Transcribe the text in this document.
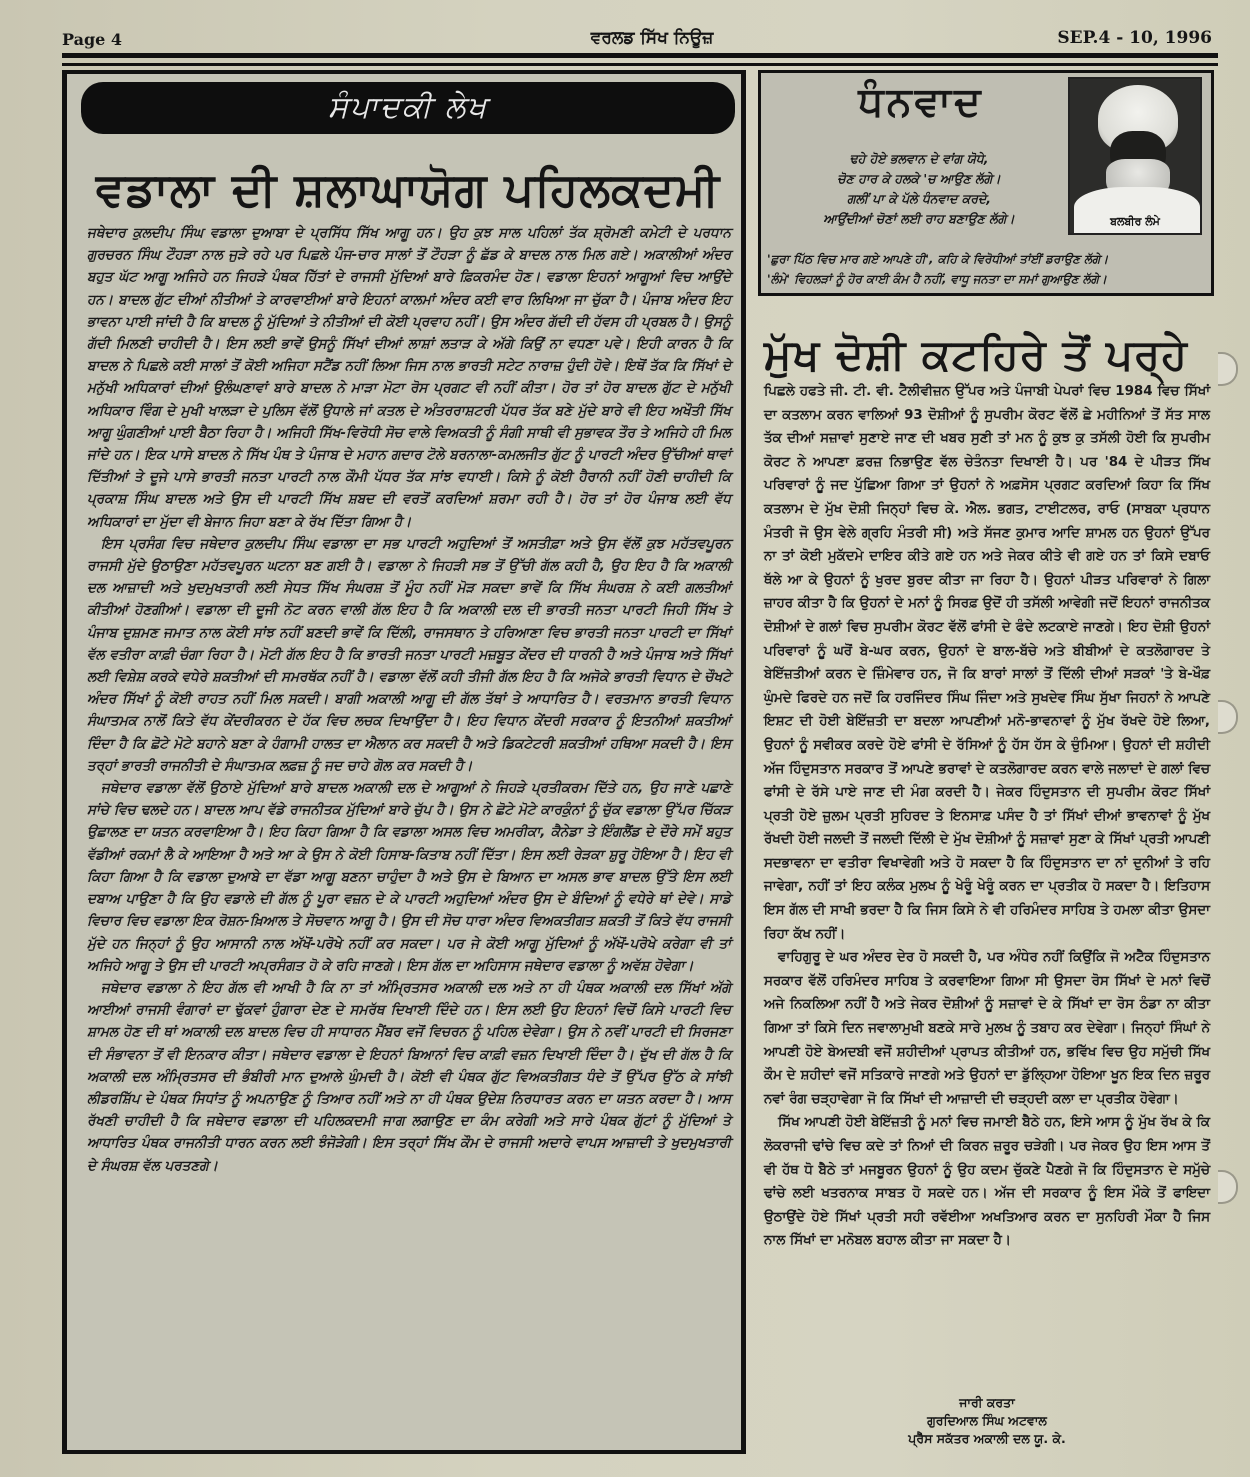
Page 4	ਵਰਲਡ ਸਿੱਖ ਨਿਊਜ਼	SEP.4 - 10, 1996
ਸੰਪਾਦਕੀ ਲੇਖ
ਵਡਾਲਾ ਦੀ ਸ਼ਲਾਘਾਯੋਗ ਪਹਿਲਕਦਮੀ

ਜਥੇਦਾਰ ਕੁਲਦੀਪ ਸਿੰਘ ਵਡਾਲਾ ਦੁਆਬਾ ਦੇ ਪ੍ਰਸਿੱਧ ਸਿੱਖ ਆਗੂ ਹਨ। ਉਹ ਕੁਝ ਸਾਲ ਪਹਿਲਾਂ ਤੱਕ ਸ਼੍ਰੋਮਣੀ ਕਮੇਟੀ ਦੇ ਪਰਧਾਨ ਗੁਰਚਰਨ ਸਿੰਘ ਟੌਹੜਾ ਨਾਲ ਜੁੜੇ ਰਹੇ ਪਰ ਪਿਛਲੇ ਪੰਜ-ਚਾਰ ਸਾਲਾਂ ਤੋਂ ਟੌਹੜਾ ਨੂੰ ਛੱਡ ਕੇ ਬਾਦਲ ਨਾਲ ਮਿਲ ਗਏ। ਅਕਾਲੀਆਂ ਅੰਦਰ ਬਹੁਤ ਘੱਟ ਆਗੂ ਅਜਿਹੇ ਹਨ ਜਿਹੜੇ ਪੰਥਕ ਹਿੱਤਾਂ ਦੇ ਰਾਜਸੀ ਮੁੱਦਿਆਂ ਬਾਰੇ ਫ਼ਿਕਰਮੰਦ ਹੋਣ। ਵਡਾਲਾ ਇਹਨਾਂ ਆਗੂਆਂ ਵਿਚ ਆਉਂਦੇ ਹਨ। ਬਾਦਲ ਗੁੱਟ ਦੀਆਂ ਨੀਤੀਆਂ ਤੇ ਕਾਰਵਾਈਆਂ ਬਾਰੇ ਇਹਨਾਂ ਕਾਲਮਾਂ ਅੰਦਰ ਕਈ ਵਾਰ ਲਿਖਿਆ ਜਾ ਚੁੱਕਾ ਹੈ। ਪੰਜਾਬ ਅੰਦਰ ਇਹ ਭਾਵਨਾ ਪਾਈ ਜਾਂਦੀ ਹੈ ਕਿ ਬਾਦਲ ਨੂੰ ਮੁੱਦਿਆਂ ਤੇ ਨੀਤੀਆਂ ਦੀ ਕੋਈ ਪ੍ਰਵਾਹ ਨਹੀਂ। ਉਸ ਅੰਦਰ ਗੱਦੀ ਦੀ ਹੱਵਸ ਹੀ ਪ੍ਰਬਲ ਹੈ। ਉਸਨੂੰ ਗੱਦੀ ਮਿਲਣੀ ਚਾਹੀਦੀ ਹੈ। ਇਸ ਲਈ ਭਾਵੇਂ ਉਸਨੂੰ ਸਿੱਖਾਂ ਦੀਆਂ ਲਾਸ਼ਾਂ ਲਤਾੜ ਕੇ ਅੱਗੇ ਕਿਉਂ ਨਾ ਵਧਣਾ ਪਵੇ। ਇਹੀ ਕਾਰਨ ਹੈ ਕਿ ਬਾਦਲ ਨੇ ਪਿਛਲੇ ਕਈ ਸਾਲਾਂ ਤੋਂ ਕੋਈ ਅਜਿਹਾ ਸਟੈਂਡ ਨਹੀਂ ਲਿਆ ਜਿਸ ਨਾਲ ਭਾਰਤੀ ਸਟੇਟ ਨਾਰਾਜ਼ ਹੁੰਦੀ ਹੋਵੇ। ਇਥੋਂ ਤੱਕ ਕਿ ਸਿੱਖਾਂ ਦੇ ਮਨੁੱਖੀ ਅਧਿਕਾਰਾਂ ਦੀਆਂ ਉਲੰਘਣਾਵਾਂ ਬਾਰੇ ਬਾਦਲ ਨੇ ਮਾੜਾ ਮੋਟਾ ਰੋਸ ਪ੍ਰਗਟ ਵੀ ਨਹੀਂ ਕੀਤਾ। ਹੋਰ ਤਾਂ ਹੋਰ ਬਾਦਲ ਗੁੱਟ ਦੇ ਮਨੁੱਖੀ ਅਧਿਕਾਰ ਵਿੰਗ ਦੇ ਮੁਖੀ ਖਾਲੜਾ ਦੇ ਪੁਲਿਸ ਵੱਲੋਂ ਉਧਾਲੇ ਜਾਂ ਕਤਲ ਦੇ ਅੰਤਰਰਾਸ਼ਟਰੀ ਪੱਧਰ ਤੱਕ ਬਣੇ ਮੁੱਦੇ ਬਾਰੇ ਵੀ ਇਹ ਅਖੌਤੀ ਸਿੱਖ ਆਗੂ ਘੁੰਗਣੀਆਂ ਪਾਈ ਬੈਠਾ ਰਿਹਾ ਹੈ। ਅਜਿਹੀ ਸਿੱਖ-ਵਿਰੋਧੀ ਸੋਚ ਵਾਲੇ ਵਿਅਕਤੀ ਨੂੰ ਸੰਗੀ ਸਾਥੀ ਵੀ ਸੁਭਾਵਕ ਤੌਰ ਤੇ ਅਜਿਹੇ ਹੀ ਮਿਲ ਜਾਂਦੇ ਹਨ। ਇਕ ਪਾਸੇ ਬਾਦਲ ਨੇ ਸਿੱਖ ਪੰਥ ਤੇ ਪੰਜਾਬ ਦੇ ਮਹਾਨ ਗਦਾਰ ਟੋਲੇ ਬਰਨਾਲਾ-ਕਮਲਜੀਤ ਗੁੱਟ ਨੂੰ ਪਾਰਟੀ ਅੰਦਰ ਉੱਚੀਆਂ ਥਾਵਾਂ ਦਿੱਤੀਆਂ ਤੇ ਦੂਜੇ ਪਾਸੇ ਭਾਰਤੀ ਜਨਤਾ ਪਾਰਟੀ ਨਾਲ ਕੌਮੀ ਪੱਧਰ ਤੱਕ ਸਾਂਝ ਵਧਾਈ। ਕਿਸੇ ਨੂੰ ਕੋਈ ਹੈਰਾਨੀ ਨਹੀਂ ਹੋਣੀ ਚਾਹੀਦੀ ਕਿ ਪ੍ਰਕਾਸ਼ ਸਿੰਘ ਬਾਦਲ ਅਤੇ ਉਸ ਦੀ ਪਾਰਟੀ ਸਿੱਖ ਸ਼ਬਦ ਦੀ ਵਰਤੋਂ ਕਰਦਿਆਂ ਸ਼ਰਮਾ ਰਹੀ ਹੈ। ਹੋਰ ਤਾਂ ਹੋਰ ਪੰਜਾਬ ਲਈ ਵੱਧ ਅਧਿਕਾਰਾਂ ਦਾ ਮੁੱਦਾ ਵੀ ਬੇਜਾਨ ਜਿਹਾ ਬਣਾ ਕੇ ਰੱਖ ਦਿੱਤਾ ਗਿਆ ਹੈ।

ਇਸ ਪ੍ਰਸੰਗ ਵਿਚ ਜਥੇਦਾਰ ਕੁਲਦੀਪ ਸਿੰਘ ਵਡਾਲਾ ਦਾ ਸਭ ਪਾਰਟੀ ਅਹੁਦਿਆਂ ਤੋਂ ਅਸਤੀਫ਼ਾ ਅਤੇ ਉਸ ਵੱਲੋਂ ਕੁਝ ਮਹੱਤਵਪੂਰਨ ਰਾਜਸੀ ਮੁੱਦੇ ਉਠਾਉਣਾ ਮਹੱਤਵਪੂਰਨ ਘਟਨਾ ਬਣ ਗਈ ਹੈ। ਵਡਾਲਾ ਨੇ ਜਿਹੜੀ ਸਭ ਤੋਂ ਉੱਚੀ ਗੱਲ ਕਹੀ ਹੈ, ਉਹ ਇਹ ਹੈ ਕਿ ਅਕਾਲੀ ਦਲ ਆਜ਼ਾਦੀ ਅਤੇ ਖੁਦਮੁਖਤਾਰੀ ਲਈ ਸੇਧਤ ਸਿੱਖ ਸੰਘਰਸ਼ ਤੋਂ ਮੂੰਹ ਨਹੀਂ ਮੋੜ ਸਕਦਾ ਭਾਵੇਂ ਕਿ ਸਿੱਖ ਸੰਘਰਸ਼ ਨੇ ਕਈ ਗਲਤੀਆਂ ਕੀਤੀਆਂ ਹੋਣਗੀਆਂ। ਵਡਾਲਾ ਦੀ ਦੂਜੀ ਨੋਟ ਕਰਨ ਵਾਲੀ ਗੱਲ ਇਹ ਹੈ ਕਿ ਅਕਾਲੀ ਦਲ ਦੀ ਭਾਰਤੀ ਜਨਤਾ ਪਾਰਟੀ ਜਿਹੀ ਸਿੱਖ ਤੇ ਪੰਜਾਬ ਦੁਸ਼ਮਣ ਜਮਾਤ ਨਾਲ ਕੋਈ ਸਾਂਝ ਨਹੀਂ ਬਣਦੀ ਭਾਵੇਂ ਕਿ ਦਿੱਲੀ, ਰਾਜਸਥਾਨ ਤੇ ਹਰਿਆਣਾ ਵਿਚ ਭਾਰਤੀ ਜਨਤਾ ਪਾਰਟੀ ਦਾ ਸਿੱਖਾਂ ਵੱਲ ਵਤੀਰਾ ਕਾਫ਼ੀ ਚੰਗਾ ਰਿਹਾ ਹੈ। ਮੋਟੀ ਗੱਲ ਇਹ ਹੈ ਕਿ ਭਾਰਤੀ ਜਨਤਾ ਪਾਰਟੀ ਮਜ਼ਬੂਤ ਕੇਂਦਰ ਦੀ ਧਾਰਨੀ ਹੈ ਅਤੇ ਪੰਜਾਬ ਅਤੇ ਸਿੱਖਾਂ ਲਈ ਵਿਸ਼ੇਸ਼ ਕਰਕੇ ਵਧੇਰੇ ਸ਼ਕਤੀਆਂ ਦੀ ਸਮਰਥੱਕ ਨਹੀਂ ਹੈ। ਵਡਾਲਾ ਵੱਲੋਂ ਕਹੀ ਤੀਜੀ ਗੱਲ ਇਹ ਹੈ ਕਿ ਅਜੋਕੇ ਭਾਰਤੀ ਵਿਧਾਨ ਦੇ ਚੌਖਟੇ ਅੰਦਰ ਸਿੱਖਾਂ ਨੂੰ ਕੋਈ ਰਾਹਤ ਨਹੀਂ ਮਿਲ ਸਕਦੀ। ਬਾਗੀ ਅਕਾਲੀ ਆਗੂ ਦੀ ਗੱਲ ਤੱਥਾਂ ਤੇ ਆਧਾਰਿਤ ਹੈ। ਵਰਤਮਾਨ ਭਾਰਤੀ ਵਿਧਾਨ ਸੰਘਾਤਮਕ ਨਾਲੋਂ ਕਿਤੇ ਵੱਧ ਕੇਂਦਰੀਕਰਨ ਦੇ ਹੱਕ ਵਿਚ ਲਚਕ ਦਿਖਾਉਂਦਾ ਹੈ। ਇਹ ਵਿਧਾਨ ਕੇਂਦਰੀ ਸਰਕਾਰ ਨੂੰ ਇਤਨੀਆਂ ਸ਼ਕਤੀਆਂ ਦਿੰਦਾ ਹੈ ਕਿ ਛੋਟੇ ਮੋਟੇ ਬਹਾਨੇ ਬਣਾ ਕੇ ਹੰਗਾਮੀ ਹਾਲਤ ਦਾ ਐਲਾਨ ਕਰ ਸਕਦੀ ਹੈ ਅਤੇ ਡਿਕਟੇਟਰੀ ਸ਼ਕਤੀਆਂ ਹਥਿਆ ਸਕਦੀ ਹੈ। ਇਸ ਤਰ੍ਹਾਂ ਭਾਰਤੀ ਰਾਜਨੀਤੀ ਦੇ ਸੰਘਾਤਮਕ ਲਫ਼ਜ਼ ਨੂੰ ਜਦ ਚਾਹੇ ਗੋਲ ਕਰ ਸਕਦੀ ਹੈ।

ਜਥੇਦਾਰ ਵਡਾਲਾ ਵੱਲੋਂ ਉਠਾਏ ਮੁੱਦਿਆਂ ਬਾਰੇ ਬਾਦਲ ਅਕਾਲੀ ਦਲ ਦੇ ਆਗੂਆਂ ਨੇ ਜਿਹੜੇ ਪ੍ਰਤੀਕਰਮ ਦਿੱਤੇ ਹਨ, ਉਹ ਜਾਣੇ ਪਛਾਣੇ ਸਾਂਚੇ ਵਿਚ ਢਲਦੇ ਹਨ। ਬਾਦਲ ਆਪ ਵੱਡੇ ਰਾਜਨੀਤਕ ਮੁੱਦਿਆਂ ਬਾਰੇ ਚੁੱਪ ਹੈ। ਉਸ ਨੇ ਛੋਟੇ ਮੋਟੇ ਕਾਰਕੁੰਨਾਂ ਨੂੰ ਚੁੱਕ ਵਡਾਲਾ ਉੱਪਰ ਚਿੱਕੜ ਉਛਾਲਣ ਦਾ ਯਤਨ ਕਰਵਾਇਆ ਹੈ। ਇਹ ਕਿਹਾ ਗਿਆ ਹੈ ਕਿ ਵਡਾਲਾ ਅਸਲ ਵਿਚ ਅਮਰੀਕਾ, ਕੈਨੇਡਾ ਤੇ ਇੰਗਲੈਂਡ ਦੇ ਦੌਰੇ ਸਮੇਂ ਬਹੁਤ ਵੱਡੀਆਂ ਰਕਮਾਂ ਲੈ ਕੇ ਆਇਆ ਹੈ ਅਤੇ ਆ ਕੇ ਉਸ ਨੇ ਕੋਈ ਹਿਸਾਬ-ਕਿਤਾਬ ਨਹੀਂ ਦਿੱਤਾ। ਇਸ ਲਈ ਰੇੜਕਾ ਸ਼ੁਰੂ ਹੋਇਆ ਹੈ। ਇਹ ਵੀ ਕਿਹਾ ਗਿਆ ਹੈ ਕਿ ਵਡਾਲਾ ਦੁਆਬੇ ਦਾ ਵੱਡਾ ਆਗੂ ਬਣਨਾ ਚਾਹੁੰਦਾ ਹੈ ਅਤੇ ਉਸ ਦੇ ਬਿਆਨ ਦਾ ਅਸਲ ਭਾਵ ਬਾਦਲ ਉੱਤੇ ਇਸ ਲਈ ਦਬਾਅ ਪਾਉਣਾ ਹੈ ਕਿ ਉਹ ਵਡਾਲੇ ਦੀ ਗੱਲ ਨੂੰ ਪੂਰਾ ਵਜ਼ਨ ਦੇ ਕੇ ਪਾਰਟੀ ਅਹੁਦਿਆਂ ਅੰਦਰ ਉਸ ਦੇ ਬੰਦਿਆਂ ਨੂੰ ਵਧੇਰੇ ਥਾਂ ਦੇਵੇ। ਸਾਡੇ ਵਿਚਾਰ ਵਿਚ ਵਡਾਲਾ ਇਕ ਰੋਸ਼ਨ-ਖ਼ਿਆਲ ਤੇ ਸੋਚਵਾਨ ਆਗੂ ਹੈ। ਉਸ ਦੀ ਸੋਚ ਧਾਰਾ ਅੰਦਰ ਵਿਅਕਤੀਗਤ ਸ਼ਕਤੀ ਤੋਂ ਕਿਤੇ ਵੱਧ ਰਾਜਸੀ ਮੁੱਦੇ ਹਨ ਜਿਨ੍ਹਾਂ ਨੂੰ ਉਹ ਆਸਾਨੀ ਨਾਲ ਅੱਖੋਂ-ਪਰੋਖੇ ਨਹੀਂ ਕਰ ਸਕਦਾ। ਪਰ ਜੇ ਕੋਈ ਆਗੂ ਮੁੱਦਿਆਂ ਨੂੰ ਅੱਖੋਂ-ਪਰੋਖੇ ਕਰੇਗਾ ਵੀ ਤਾਂ ਅਜਿਹੇ ਆਗੂ ਤੇ ਉਸ ਦੀ ਪਾਰਟੀ ਅਪ੍ਰਸੰਗਤ ਹੋ ਕੇ ਰਹਿ ਜਾਣਗੇ। ਇਸ ਗੱਲ ਦਾ ਅਹਿਸਾਸ ਜਥੇਦਾਰ ਵਡਾਲਾ ਨੂੰ ਅਵੱਸ਼ ਹੋਵੇਗਾ।

ਜਥੇਦਾਰ ਵਡਾਲਾ ਨੇ ਇਹ ਗੱਲ ਵੀ ਆਖੀ ਹੈ ਕਿ ਨਾ ਤਾਂ ਅੰਮ੍ਰਿਤਸਰ ਅਕਾਲੀ ਦਲ ਅਤੇ ਨਾ ਹੀ ਪੰਥਕ ਅਕਾਲੀ ਦਲ ਸਿੱਖਾਂ ਅੱਗੇ ਆਈਆਂ ਰਾਜਸੀ ਵੰਗਾਰਾਂ ਦਾ ਢੁੱਕਵਾਂ ਹੁੰਗਾਰਾ ਦੇਣ ਦੇ ਸਮਰੱਥ ਦਿਖਾਈ ਦਿੰਦੇ ਹਨ। ਇਸ ਲਈ ਉਹ ਇਹਨਾਂ ਵਿਚੋਂ ਕਿਸੇ ਪਾਰਟੀ ਵਿਚ ਸ਼ਾਮਲ ਹੋਣ ਦੀ ਥਾਂ ਅਕਾਲੀ ਦਲ ਬਾਦਲ ਵਿਚ ਹੀ ਸਾਧਾਰਨ ਮੈਂਬਰ ਵਜੋਂ ਵਿਚਰਨ ਨੂੰ ਪਹਿਲ ਦੇਵੇਗਾ। ਉਸ ਨੇ ਨਵੀਂ ਪਾਰਟੀ ਦੀ ਸਿਰਜਣਾ ਦੀ ਸੰਭਾਵਨਾ ਤੋਂ ਵੀ ਇਨਕਾਰ ਕੀਤਾ। ਜਥੇਦਾਰ ਵਡਾਲਾ ਦੇ ਇਹਨਾਂ ਬਿਆਨਾਂ ਵਿਚ ਕਾਫ਼ੀ ਵਜ਼ਨ ਦਿਖਾਈ ਦਿੰਦਾ ਹੈ। ਦੁੱਖ ਦੀ ਗੱਲ ਹੈ ਕਿ ਅਕਾਲੀ ਦਲ ਅੰਮ੍ਰਿਤਸਰ ਦੀ ਭੰਬੀਰੀ ਮਾਨ ਦੁਆਲੇ ਘੁੰਮਦੀ ਹੈ। ਕੋਈ ਵੀ ਪੰਥਕ ਗੁੱਟ ਵਿਅਕਤੀਗਤ ਧੰਦੇ ਤੋਂ ਉੱਪਰ ਉੱਠ ਕੇ ਸਾਂਝੀ ਲੀਡਰਸ਼ਿੱਪ ਦੇ ਪੰਥਕ ਸਿਧਾਂਤ ਨੂੰ ਅਪਨਾਉਣ ਨੂੰ ਤਿਆਰ ਨਹੀਂ ਅਤੇ ਨਾ ਹੀ ਪੰਥਕ ਉਦੇਸ਼ ਨਿਰਧਾਰਤ ਕਰਨ ਦਾ ਯਤਨ ਕਰਦਾ ਹੈ। ਆਸ ਰੱਖਣੀ ਚਾਹੀਦੀ ਹੈ ਕਿ ਜਥੇਦਾਰ ਵਡਾਲਾ ਦੀ ਪਹਿਲਕਦਮੀ ਜਾਗ ਲਗਾਉਣ ਦਾ ਕੰਮ ਕਰੇਗੀ ਅਤੇ ਸਾਰੇ ਪੰਥਕ ਗੁੱਟਾਂ ਨੂੰ ਮੁੱਦਿਆਂ ਤੇ ਆਧਾਰਿਤ ਪੰਥਕ ਰਾਜਨੀਤੀ ਧਾਰਨ ਕਰਨ ਲਈ ਝੰਜੋੜੇਗੀ। ਇਸ ਤਰ੍ਹਾਂ ਸਿੱਖ ਕੌਮ ਦੇ ਰਾਜਸੀ ਅਦਾਰੇ ਵਾਪਸ ਆਜ਼ਾਦੀ ਤੇ ਖੁਦਮੁਖਤਾਰੀ ਦੇ ਸੰਘਰਸ਼ ਵੱਲ ਪਰਤਣਗੇ।

ਧੰਨਵਾਦ
ਢਹੇ ਹੋਏ ਭਲਵਾਨ ਦੇ ਵਾਂਗ ਯੋਧੇ,
ਚੋਣ ਹਾਰ ਕੇ ਹਲਕੇ 'ਚ ਆਉਣ ਲੱਗੇ।
ਗਲੀਂ ਪਾ ਕੇ ਪੱਲੇ ਧੰਨਵਾਦ ਕਰਦੇ,
ਆਉਂਦੀਆਂ ਚੋਣਾਂ ਲਈ ਰਾਹ ਬਣਾਉਣ ਲੱਗੇ।	ਬਲਬੀਰ ਲੰਮੇ
'ਛੁਰਾ ਪਿੱਠ ਵਿਚ ਮਾਰ ਗਏ ਆਪਣੇ ਹੀ', ਕਹਿ ਕੇ ਵਿਰੋਧੀਆਂ ਤਾਂਈਂ ਡਰਾਉਣ ਲੱਗੇ।
'ਲੰਮੇ' ਵਿਹਲੜਾਂ ਨੂੰ ਹੋਰ ਕਾਈ ਕੰਮ ਹੈ ਨਹੀਂ, ਵਾਧੂ ਜਨਤਾ ਦਾ ਸਮਾਂ ਗੁਆਉਣ ਲੱਗੇ।
ਮੁੱਖ ਦੋਸ਼ੀ ਕਟਹਿਰੇ ਤੋਂ ਪਰ੍ਹੇ

ਪਿਛਲੇ ਹਫਤੇ ਜੀ. ਟੀ. ਵੀ. ਟੈਲੀਵੀਜ਼ਨ ਉੱਪਰ ਅਤੇ ਪੰਜਾਬੀ ਪੇਪਰਾਂ ਵਿਚ 1984 ਵਿਚ ਸਿੱਖਾਂ ਦਾ ਕਤਲਾਮ ਕਰਨ ਵਾਲਿਆਂ 93 ਦੋਸ਼ੀਆਂ ਨੂੰ ਸੁਪਰੀਮ ਕੋਰਟ ਵੱਲੋਂ ਛੇ ਮਹੀਨਿਆਂ ਤੋਂ ਸੱਤ ਸਾਲ ਤੱਕ ਦੀਆਂ ਸਜ਼ਾਵਾਂ ਸੁਣਾਏ ਜਾਣ ਦੀ ਖਬਰ ਸੁਣੀ ਤਾਂ ਮਨ ਨੂੰ ਕੁਝ ਕੁ ਤਸੱਲੀ ਹੋਈ ਕਿ ਸੁਪਰੀਮ ਕੋਰਟ ਨੇ ਆਪਣਾ ਫ਼ਰਜ਼ ਨਿਭਾਉਣ ਵੱਲ ਚੇਤੰਨਤਾ ਦਿਖਾਈ ਹੈ। ਪਰ '84 ਦੇ ਪੀੜਤ ਸਿੱਖ ਪਰਿਵਾਰਾਂ ਨੂੰ ਜਦ ਪੁੱਛਿਆ ਗਿਆ ਤਾਂ ਉਹਨਾਂ ਨੇ ਅਫ਼ਸੋਸ ਪ੍ਰਗਟ ਕਰਦਿਆਂ ਕਿਹਾ ਕਿ ਸਿੱਖ ਕਤਲਾਮ ਦੇ ਮੁੱਖ ਦੋਸ਼ੀ ਜਿਨ੍ਹਾਂ ਵਿਚ ਕੇ. ਐਲ. ਭਗਤ, ਟਾਈਟਲਰ, ਰਾਓ (ਸਾਬਕਾ ਪ੍ਰਧਾਨ ਮੰਤਰੀ ਜੋ ਉਸ ਵੇਲੇ ਗ੍ਰਹਿ ਮੰਤਰੀ ਸੀ) ਅਤੇ ਸੱਜਣ ਕੁਮਾਰ ਆਦਿ ਸ਼ਾਮਲ ਹਨ ਉਹਨਾਂ ਉੱਪਰ ਨਾ ਤਾਂ ਕੋਈ ਮੁਕੱਦਮੇ ਦਾਇਰ ਕੀਤੇ ਗਏ ਹਨ ਅਤੇ ਜੇਕਰ ਕੀਤੇ ਵੀ ਗਏ ਹਨ ਤਾਂ ਕਿਸੇ ਦਬਾਓ ਥੱਲੇ ਆ ਕੇ ਉਹਨਾਂ ਨੂੰ ਖੁਰਦ ਬੁਰਦ ਕੀਤਾ ਜਾ ਰਿਹਾ ਹੈ। ਉਹਨਾਂ ਪੀੜਤ ਪਰਿਵਾਰਾਂ ਨੇ ਗਿਲਾ ਜ਼ਾਹਰ ਕੀਤਾ ਹੈ ਕਿ ਉਹਨਾਂ ਦੇ ਮਨਾਂ ਨੂੰ ਸਿਰਫ਼ ਉਦੋਂ ਹੀ ਤਸੱਲੀ ਆਵੇਗੀ ਜਦੋਂ ਇਹਨਾਂ ਰਾਜਨੀਤਕ ਦੋਸ਼ੀਆਂ ਦੇ ਗਲਾਂ ਵਿਚ ਸੁਪਰੀਮ ਕੋਰਟ ਵੱਲੋਂ ਫਾਂਸੀ ਦੇ ਫੰਦੇ ਲਟਕਾਏ ਜਾਣਗੇ। ਇਹ ਦੋਸ਼ੀ ਉਹਨਾਂ ਪਰਿਵਾਰਾਂ ਨੂੰ ਘਰੋਂ ਬੇ-ਘਰ ਕਰਨ, ਉਹਨਾਂ ਦੇ ਬਾਲ-ਬੱਚੇ ਅਤੇ ਬੀਬੀਆਂ ਦੇ ਕਤਲੋਗਾਰਦ ਤੇ ਬੇਇੱਜ਼ਤੀਆਂ ਕਰਨ ਦੇ ਜ਼ਿੰਮੇਵਾਰ ਹਨ, ਜੋ ਕਿ ਬਾਰਾਂ ਸਾਲਾਂ ਤੋਂ ਦਿੱਲੀ ਦੀਆਂ ਸੜਕਾਂ 'ਤੇ ਬੇ-ਖੌਫ਼ ਘੁੰਮਦੇ ਫਿਰਦੇ ਹਨ ਜਦੋਂ ਕਿ ਹਰਜਿੰਦਰ ਸਿੰਘ ਜਿੰਦਾ ਅਤੇ ਸੁਖਦੇਵ ਸਿੰਘ ਸੁੱਖਾ ਜਿਹਨਾਂ ਨੇ ਆਪਣੇ ਇਸ਼ਟ ਦੀ ਹੋਈ ਬੇਇੱਜ਼ਤੀ ਦਾ ਬਦਲਾ ਆਪਣੀਆਂ ਮਨੋ-ਭਾਵਨਾਵਾਂ ਨੂੰ ਮੁੱਖ ਰੱਖਦੇ ਹੋਏ ਲਿਆ, ਉਹਨਾਂ ਨੂੰ ਸਵੀਕਰ ਕਰਦੇ ਹੋਏ ਫਾਂਸੀ ਦੇ ਰੱਸਿਆਂ ਨੂੰ ਹੱਸ ਹੱਸ ਕੇ ਚੁੰਮਿਆ। ਉਹਨਾਂ ਦੀ ਸ਼ਹੀਦੀ ਅੱਜ ਹਿੰਦੁਸਤਾਨ ਸਰਕਾਰ ਤੋਂ ਆਪਣੇ ਭਰਾਵਾਂ ਦੇ ਕਤਲੋਗਾਰਦ ਕਰਨ ਵਾਲੇ ਜਲਾਦਾਂ ਦੇ ਗਲਾਂ ਵਿਚ ਫਾਂਸੀ ਦੇ ਰੱਸੇ ਪਾਏ ਜਾਣ ਦੀ ਮੰਗ ਕਰਦੀ ਹੈ। ਜੇਕਰ ਹਿੰਦੁਸਤਾਨ ਦੀ ਸੁਪਰੀਮ ਕੋਰਟ ਸਿੱਖਾਂ ਪ੍ਰਤੀ ਹੋਏ ਜ਼ੁਲਮ ਪ੍ਰਤੀ ਸੁਹਿਰਦ ਤੇ ਇਨਸਾਫ਼ ਪਸੰਦ ਹੈ ਤਾਂ ਸਿੱਖਾਂ ਦੀਆਂ ਭਾਵਨਾਵਾਂ ਨੂੰ ਮੁੱਖ ਰੱਖਦੀ ਹੋਈ ਜਲਦੀ ਤੋਂ ਜਲਦੀ ਦਿੱਲੀ ਦੇ ਮੁੱਖ ਦੋਸ਼ੀਆਂ ਨੂੰ ਸਜ਼ਾਵਾਂ ਸੁਣਾ ਕੇ ਸਿੱਖਾਂ ਪ੍ਰਤੀ ਆਪਣੀ ਸਦਭਾਵਨਾ ਦਾ ਵਤੀਰਾ ਵਿਖਾਵੇਗੀ ਅਤੇ ਹੋ ਸਕਦਾ ਹੈ ਕਿ ਹਿੰਦੁਸਤਾਨ ਦਾ ਨਾਂ ਦੁਨੀਆਂ ਤੇ ਰਹਿ ਜਾਵੇਗਾ, ਨਹੀਂ ਤਾਂ ਇਹ ਕਲੰਕ ਮੁਲਖ ਨੂੰ ਖੇਰੂੰ ਖੇਰੂੰ ਕਰਨ ਦਾ ਪ੍ਰਤੀਕ ਹੋ ਸਕਦਾ ਹੈ। ਇਤਿਹਾਸ ਇਸ ਗੱਲ ਦੀ ਸਾਖੀ ਭਰਦਾ ਹੈ ਕਿ ਜਿਸ ਕਿਸੇ ਨੇ ਵੀ ਹਰਿਮੰਦਰ ਸਾਹਿਬ ਤੇ ਹਮਲਾ ਕੀਤਾ ਉਸਦਾ ਰਿਹਾ ਕੱਖ ਨਹੀਂ।

ਵਾਹਿਗੁਰੂ ਦੇ ਘਰ ਅੰਦਰ ਦੇਰ ਹੋ ਸਕਦੀ ਹੈ, ਪਰ ਅੰਧੇਰ ਨਹੀਂ ਕਿਉਂਕਿ ਜੋ ਅਟੈਕ ਹਿੰਦੁਸਤਾਨ ਸਰਕਾਰ ਵੱਲੋਂ ਹਰਿਮੰਦਰ ਸਾਹਿਬ ਤੇ ਕਰਵਾਇਆ ਗਿਆ ਸੀ ਉਸਦਾ ਰੋਸ ਸਿੱਖਾਂ ਦੇ ਮਨਾਂ ਵਿਚੋਂ ਅਜੇ ਨਿਕਲਿਆ ਨਹੀਂ ਹੈ ਅਤੇ ਜੇਕਰ ਦੋਸ਼ੀਆਂ ਨੂੰ ਸਜ਼ਾਵਾਂ ਦੇ ਕੇ ਸਿੱਖਾਂ ਦਾ ਰੋਸ ਠੰਡਾ ਨਾ ਕੀਤਾ ਗਿਆ ਤਾਂ ਕਿਸੇ ਦਿਨ ਜਵਾਲਾਮੁਖੀ ਬਣਕੇ ਸਾਰੇ ਮੁਲਖ ਨੂੰ ਤਬਾਹ ਕਰ ਦੇਵੇਗਾ। ਜਿਨ੍ਹਾਂ ਸਿੰਘਾਂ ਨੇ ਆਪਣੀ ਹੋਏ ਬੇਅਦਬੀ ਵਜੋਂ ਸ਼ਹੀਦੀਆਂ ਪ੍ਰਾਪਤ ਕੀਤੀਆਂ ਹਨ, ਭਵਿੱਖ ਵਿਚ ਉਹ ਸਮੁੱਚੀ ਸਿੱਖ ਕੌਮ ਦੇ ਸ਼ਹੀਦਾਂ ਵਜੋਂ ਸਤਿਕਾਰੇ ਜਾਣਗੇ ਅਤੇ ਉਹਨਾਂ ਦਾ ਡੁੱਲ੍ਹਿਆ ਹੋਇਆ ਖੂਨ ਇਕ ਦਿਨ ਜ਼ਰੂਰ ਨਵਾਂ ਰੰਗ ਚੜ੍ਹਾਵੇਗਾ ਜੋ ਕਿ ਸਿੱਖਾਂ ਦੀ ਆਜ਼ਾਦੀ ਦੀ ਚੜ੍ਹਦੀ ਕਲਾ ਦਾ ਪ੍ਰਤੀਕ ਹੋਵੇਗਾ।

ਸਿੱਖ ਆਪਣੀ ਹੋਈ ਬੇਇੱਜ਼ਤੀ ਨੂੰ ਮਨਾਂ ਵਿਚ ਜਮਾਈ ਬੈਠੇ ਹਨ, ਇਸੇ ਆਸ ਨੂੰ ਮੁੱਖ ਰੱਖ ਕੇ ਕਿ ਲੋਕਰਾਜੀ ਢਾਂਚੇ ਵਿਚ ਕਦੇ ਤਾਂ ਨਿਆਂ ਦੀ ਕਿਰਨ ਜ਼ਰੂਰ ਚੜੇਗੀ। ਪਰ ਜੇਕਰ ਉਹ ਇਸ ਆਸ ਤੋਂ ਵੀ ਹੱਥ ਧੋ ਬੈਠੇ ਤਾਂ ਮਜਬੂਰਨ ਉਹਨਾਂ ਨੂੰ ਉਹ ਕਦਮ ਚੁੱਕਣੇ ਪੈਣਗੇ ਜੋ ਕਿ ਹਿੰਦੁਸਤਾਨ ਦੇ ਸਮੁੱਚੇ ਢਾਂਚੇ ਲਈ ਖਤਰਨਾਕ ਸਾਬਤ ਹੋ ਸਕਦੇ ਹਨ। ਅੱਜ ਦੀ ਸਰਕਾਰ ਨੂੰ ਇਸ ਮੌਕੇ ਤੋਂ ਫਾਇਦਾ ਉਠਾਉਂਦੇ ਹੋਏ ਸਿੱਖਾਂ ਪ੍ਰਤੀ ਸਹੀ ਰਵੱਈਆ ਅਖਤਿਆਰ ਕਰਨ ਦਾ ਸੁਨਹਿਰੀ ਮੌਕਾ ਹੈ ਜਿਸ ਨਾਲ ਸਿੱਖਾਂ ਦਾ ਮਨੋਬਲ ਬਹਾਲ ਕੀਤਾ ਜਾ ਸਕਦਾ ਹੈ।

ਜਾਰੀ ਕਰਤਾ
ਗੁਰਦਿਆਲ ਸਿੰਘ ਅਟਵਾਲ
ਪ੍ਰੈੱਸ ਸਕੱਤਰ ਅਕਾਲੀ ਦਲ ਯੂ. ਕੇ.
